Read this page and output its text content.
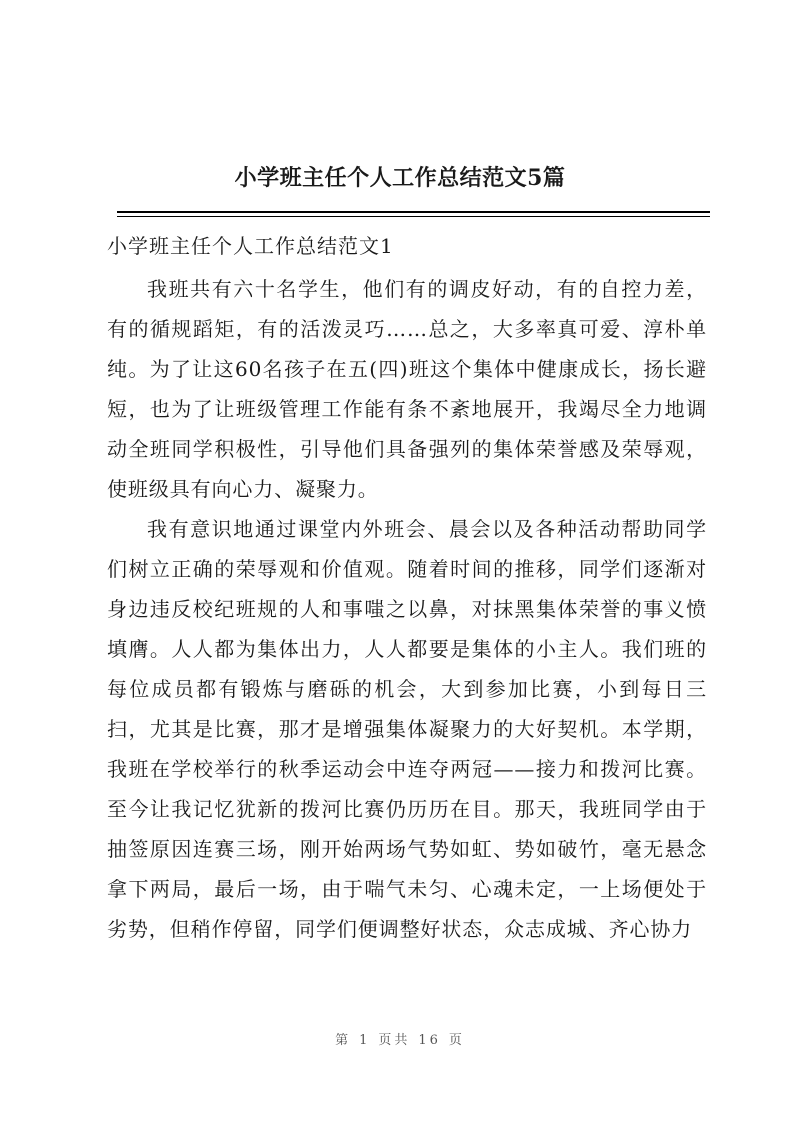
小学班主任个人工作总结范文5篇
小学班主任个人工作总结范文1

我班共有六十名学生，他们有的调皮好动，有的自控力差，有的循规蹈矩，有的活泼灵巧……总之，大多率真可爱、淳朴单纯。为了让这60名孩子在五(四)班这个集体中健康成长，扬长避短，也为了让班级管理工作能有条不紊地展开，我竭尽全力地调动全班同学积极性，引导他们具备强列的集体荣誉感及荣辱观，使班级具有向心力、凝聚力。

我有意识地通过课堂内外班会、晨会以及各种活动帮助同学们树立正确的荣辱观和价值观。随着时间的推移，同学们逐渐对身边违反校纪班规的人和事嗤之以鼻，对抹黑集体荣誉的事义愤填膺。人人都为集体出力，人人都要是集体的小主人。我们班的每位成员都有锻炼与磨砾的机会，大到参加比赛，小到每日三扫，尤其是比赛，那才是增强集体凝聚力的大好契机。本学期，我班在学校举行的秋季运动会中连夺两冠——接力和拨河比赛。至今让我记忆犹新的拨河比赛仍历历在目。那天，我班同学由于抽签原因连赛三场，刚开始两场气势如虹、势如破竹，毫无悬念拿下两局，最后一场，由于喘气未匀、心魂未定，一上场便处于劣势，但稍作停留，同学们便调整好状态，众志成城、齐心协力

第 1 页共 16 页
